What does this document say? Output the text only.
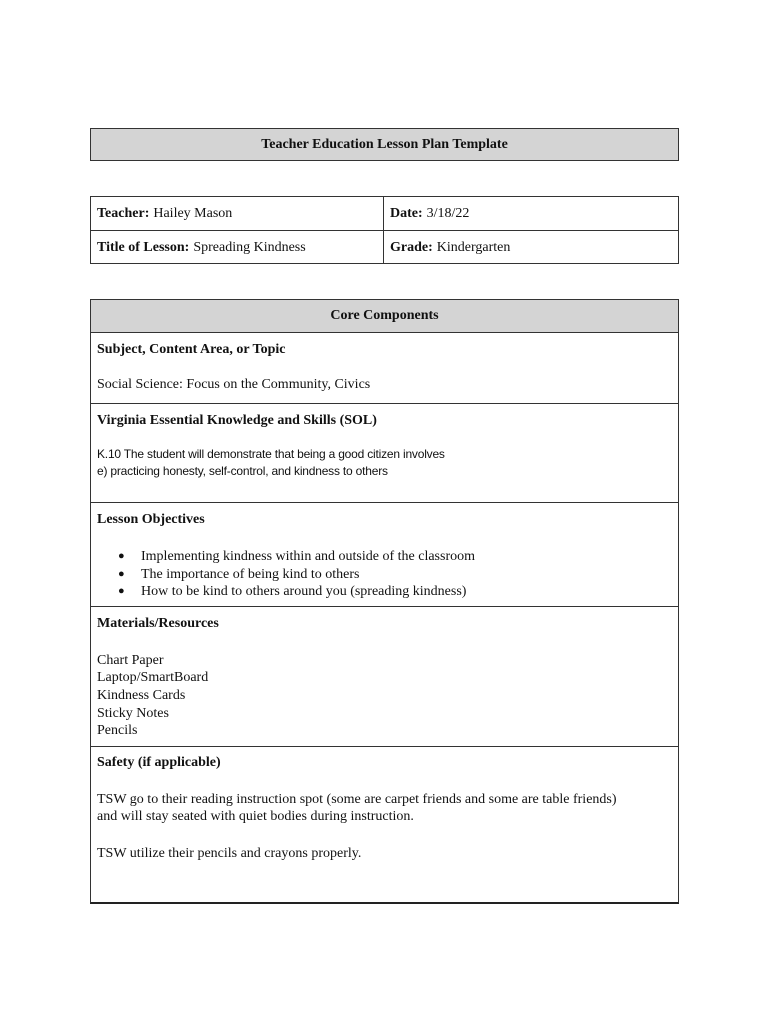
Teacher Education Lesson Plan Template
Teacher: Hailey Mason	Date: 3/18/22
Title of Lesson: Spreading Kindness	Grade: Kindergarten
Core Components
Subject, Content Area, or Topic
Social Science: Focus on the Community, Civics
Virginia Essential Knowledge and Skills (SOL)
K.10 The student will demonstrate that being a good citizen involves
e) practicing honesty, self-control, and kindness to others
Lesson Objectives
● Implementing kindness within and outside of the classroom
● The importance of being kind to others
● How to be kind to others around you (spreading kindness)
Materials/Resources
Chart Paper
Laptop/SmartBoard
Kindness Cards
Sticky Notes
Pencils
Safety (if applicable)
TSW go to their reading instruction spot (some are carpet friends and some are table friends)
and will stay seated with quiet bodies during instruction.
TSW utilize their pencils and crayons properly.
